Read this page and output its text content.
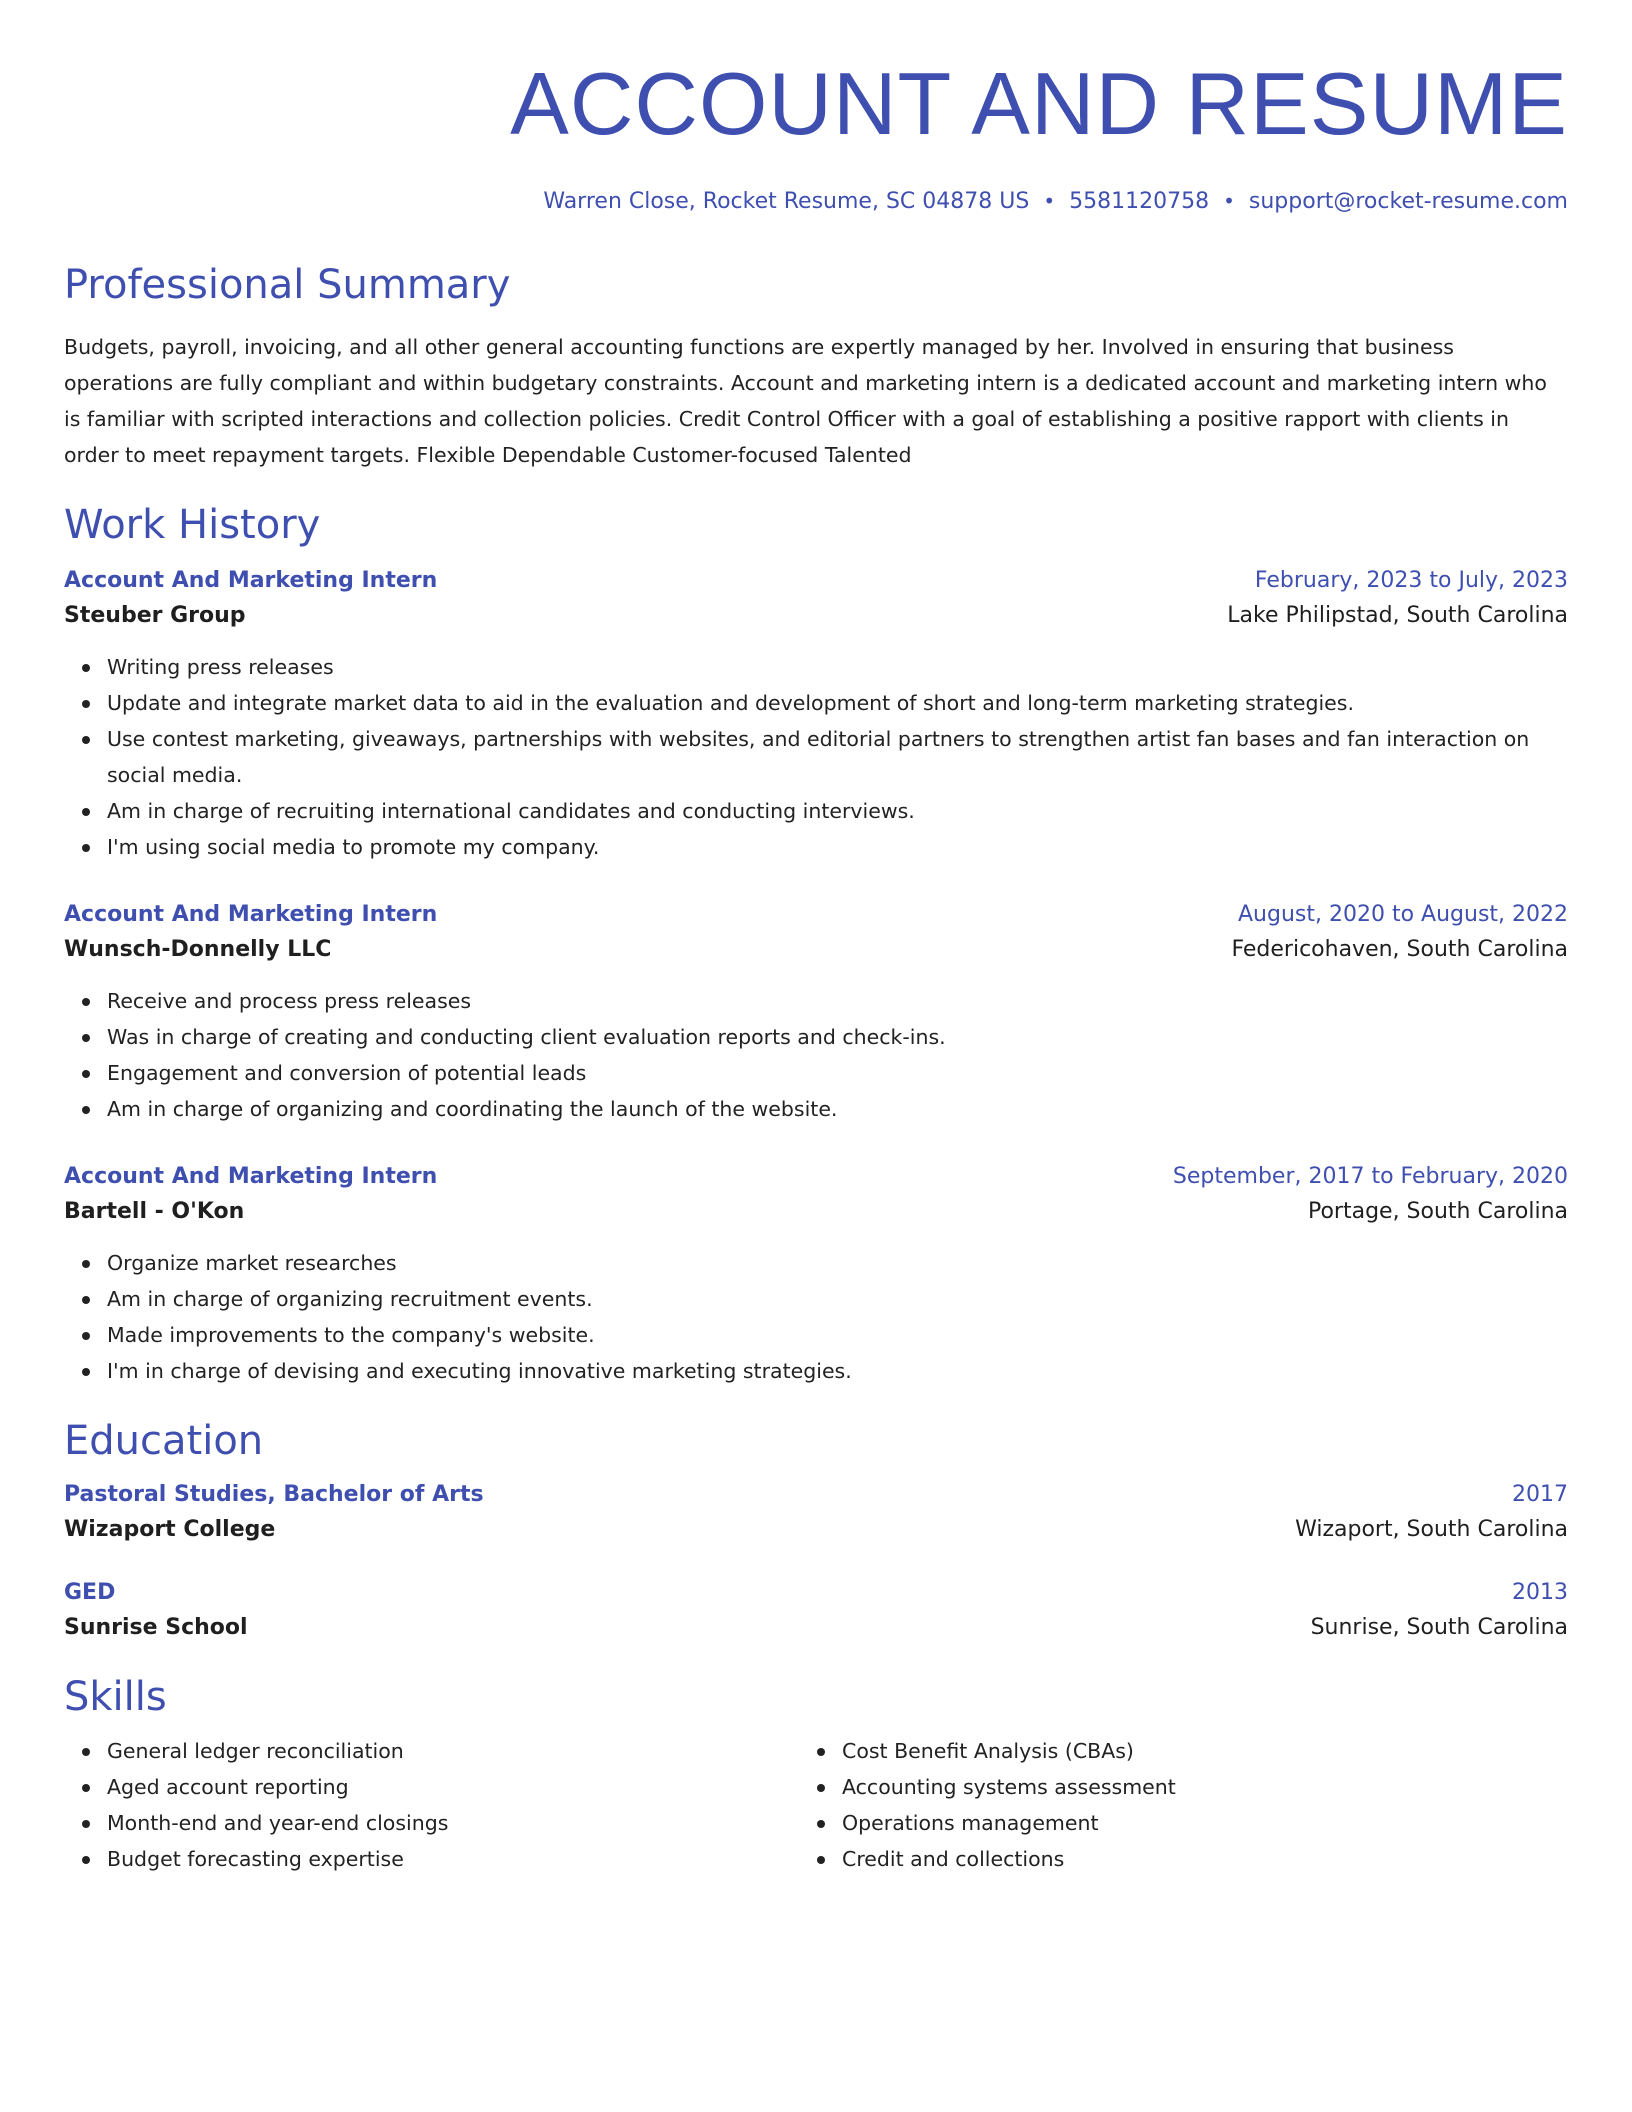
ACCOUNT AND RESUME
Warren Close, Rocket Resume, SC 04878 US • 5581120758 • support@rocket-resume.com
Professional Summary

Budgets, payroll, invoicing, and all other general accounting functions are expertly managed by her. Involved in ensuring that business operations are fully compliant and within budgetary constraints. Account and marketing intern is a dedicated account and marketing intern who is familiar with scripted interactions and collection policies. Credit Control Officer with a goal of establishing a positive rapport with clients in order to meet repayment targets. Flexible Dependable Customer-focused Talented

Work History
Account And Marketing Intern	February, 2023 to July, 2023
Steuber Group	Lake Philipstad, South Carolina
Writing press releases
Update and integrate market data to aid in the evaluation and development of short and long-term marketing strategies.
Use contest marketing, giveaways, partnerships with websites, and editorial partners to strengthen artist fan bases and fan interaction on social media.
Am in charge of recruiting international candidates and conducting interviews.
I'm using social media to promote my company.
Account And Marketing Intern	August, 2020 to August, 2022
Wunsch-Donnelly LLC	Federicohaven, South Carolina
Receive and process press releases
Was in charge of creating and conducting client evaluation reports and check-ins.
Engagement and conversion of potential leads
Am in charge of organizing and coordinating the launch of the website.
Account And Marketing Intern	September, 2017 to February, 2020
Bartell - O'Kon	Portage, South Carolina
Organize market researches
Am in charge of organizing recruitment events.
Made improvements to the company's website.
I'm in charge of devising and executing innovative marketing strategies.
Education
Pastoral Studies, Bachelor of Arts	2017
Wizaport College	Wizaport, South Carolina
GED	2013
Sunrise School	Sunrise, South Carolina
Skills
General ledger reconciliation
Aged account reporting
Month-end and year-end closings
Budget forecasting expertise
Cost Benefit Analysis (CBAs)
Accounting systems assessment
Operations management
Credit and collections
